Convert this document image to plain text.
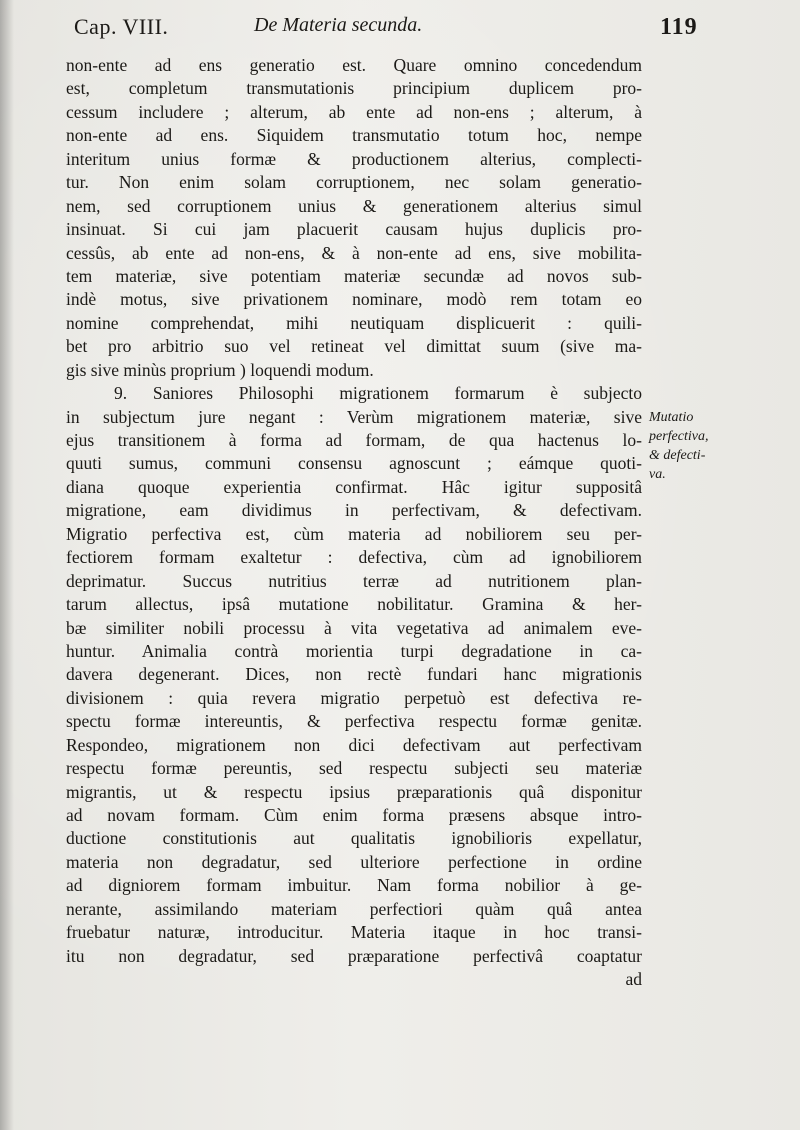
Cap. VIII.	De Materia secunda.	119
non-ente ad ens generatio est. Quare omnino concedendum
est, completum transmutationis principium duplicem pro-
cessum includere ; alterum, ab ente ad non-ens ; alterum, à
non-ente ad ens. Siquidem transmutatio totum hoc, nempe
interitum unius formæ & productionem alterius, complecti-
tur. Non enim solam corruptionem, nec solam generatio-
nem, sed corruptionem unius & generationem alterius simul
insinuat. Si cui jam placuerit causam hujus duplicis pro-
cessûs, ab ente ad non-ens, & à non-ente ad ens, sive mobilita-
tem materiæ, sive potentiam materiæ secundæ ad novos sub-
indè motus, sive privationem nominare, modò rem totam eo
nomine comprehendat, mihi neutiquam displicuerit : quili-
bet pro arbitrio suo vel retineat vel dimittat suum (sive ma-
gis sive minùs proprium ) loquendi modum.
9. Saniores Philosophi migrationem formarum è subjecto
in subjectum jure negant : Verùm migrationem materiæ, sive
ejus transitionem à forma ad formam, de qua hactenus lo-
quuti sumus, communi consensu agnoscunt ; eámque quoti-
diana quoque experientia confirmat. Hâc igitur suppositâ
migratione, eam dividimus in perfectivam, & defectivam.
Migratio perfectiva est, cùm materia ad nobiliorem seu per-
fectiorem formam exaltetur : defectiva, cùm ad ignobiliorem
deprimatur. Succus nutritius terræ ad nutritionem plan-
tarum allectus, ipsâ mutatione nobilitatur. Gramina & her-
bæ similiter nobili processu à vita vegetativa ad animalem eve-
huntur. Animalia contrà morientia turpi degradatione in ca-
davera degenerant. Dices, non rectè fundari hanc migrationis
divisionem : quia revera migratio perpetuò est defectiva re-
spectu formæ intereuntis, & perfectiva respectu formæ genitæ.
Respondeo, migrationem non dici defectivam aut perfectivam
respectu formæ pereuntis, sed respectu subjecti seu materiæ
migrantis, ut & respectu ipsius præparationis quâ disponitur
ad novam formam. Cùm enim forma præsens absque intro-
ductione constitutionis aut qualitatis ignobilioris expellatur,
materia non degradatur, sed ulteriore perfectione in ordine
ad digniorem formam imbuitur. Nam forma nobilior à ge-
nerante, assimilando materiam perfectiori quàm quâ antea
fruebatur naturæ, introducitur. Materia itaque in hoc transi-
itu non degradatur, sed præparatione perfectivâ coaptatur
ad
Mutatio
perfectiva,
& defecti-
va.
